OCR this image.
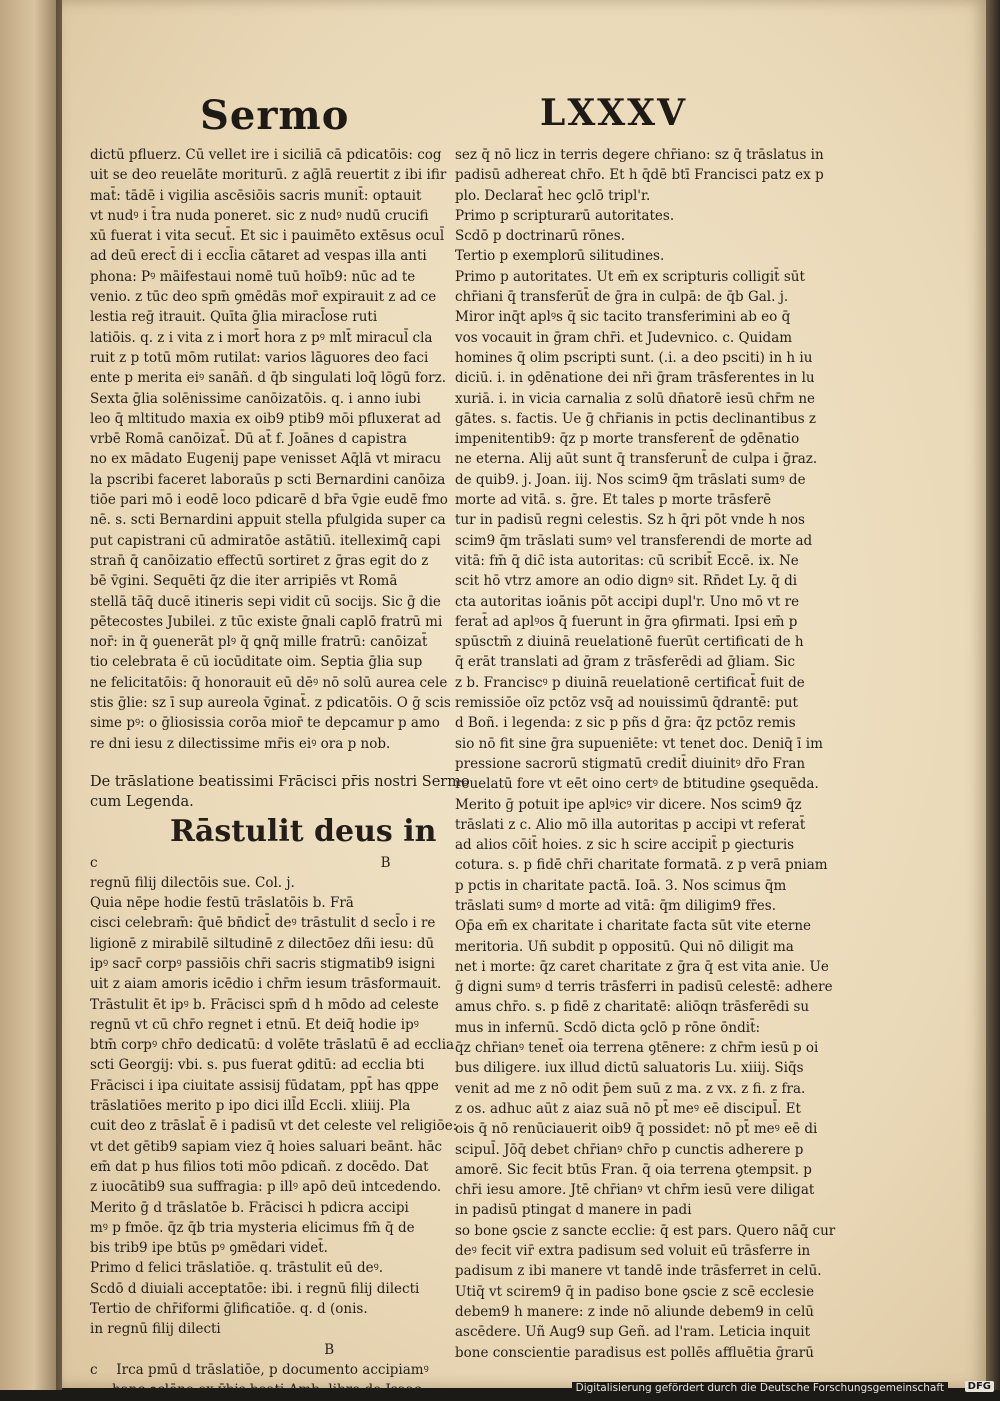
Sermo	LXXXV

dictū pfluerz. Cū vellet ire i siciliā cā pdicatōis: cog

uit se deo reuelāte moriturū. z aḡlā reuertit z ibi ifir

mat̄: tādē i vigilia ascēsiōis sacris munit̄: optauit

vt nudꝰ i t̄ra nuda poneret. sic z nudꝰ nudū crucifi

xū fuerat i vita secut̄. Et sic i pauimēto extēsus ocul̄

ad deū erect̄ di i eccl̄ia cātaret ad vespas illa anti

phona: Pꝰ māifestaui nomē tuū hoīb9: nūc ad te

venio. z tūc deo spm̄ ꝯmēdās mor̄ expirauit z ad ce

lestia reḡ itrauit. Quīta ḡlia miracl̄ose ruti

latiōis. q. z i vita z i mort̄ hora z pꝰ mlt̄ miracul̄ cla

ruit z p totū mōm rutilat: varios lāguores deo faci

ente p merita eiꝰ sanāñ. d q̄b singulati loq̄ lōgū forz.

Sexta ḡlia solēnissime canōizatōis. q. i anno iubi

leo q̄ mltitudo maxia ex oib9 ptib9 mōi pfluxerat ad

vrbē Romā canōizat̄. Dū at̄ f. Joānes d capistra

no ex mādato Eugenij pape venisset Aq̄lā vt miracu

la pscribi faceret laboraūs p scti Bernardini canōiza

tiōe pari mō i eodē loco pdicarē d br̄a v̄gie eudē fmo

nē. s. scti Bernardini appuit stella pfulgida super ca

put capistrani cū admiratōe astātiū. itelleximq̄ capi

stran̄ q̄ canōizatio effectū sortiret z ḡras egit do z

bē v̄gini. Sequēti q̄z die iter arripiēs vt Romā

stellā tāq̄ ducē itineris sepi vidit cū socijs. Sic ḡ die

pētecostes Jubilei. z tūc existe ḡnali caplō fratrū mi

nor̄: in q̄ ꝯuenerāt plꝰ q̄ ꝗnq̄ mille fratrū: canōizat̄

tio celebrata ē cū iocūditate oim. Septia ḡlia sup

ne felicitatōis: q̄ honorauit eū dēꝰ nō solū aurea cele

stis ḡlie: sz ī sup aureola v̄ginat̄. z pdicatōis. O ḡ scis

sime pꝰ: o ḡliosissia corōa mior̄ te depcamur p amo

re dni iesu z dilectissime mr̄is eiꝰ ora p nob.

De trāslatione beatissimi Frācisci pr̄is nostri Sermo

cum Legenda.

Rāstulit deus in

c	B

regnū filij dilectōis sue. Col. j.

Quia nēpe hodie festū trāslatōis b. Frā

cisci celebram̄: q̄uē bn̄dict̄ deꝰ trāstulit d secl̄o i re

ligionē z mirabilē siltudinē z dilectōez dñi iesu: dū

ipꝰ sacr̄ corpꝰ passiōis chr̄i sacris stigmatib9 isigni

uit z aiam amoris icēdio i chr̄m iesum trāsformauit.

Trāstulit ēt ipꝰ b. Frācisci spm̄ d h mōdo ad celeste

regnū vt cū chr̄o regnet i etnū. Et deiq̄ hodie ipꝰ

btm̄ corpꝰ chr̄o dedicatū: d volēte trāslatū ē ad ecclia

scti Georgij: vbi. s. pus fuerat ꝯditū: ad ecclia bti

Frācisci i ipa ciuitate assisij fūdatam, ppt̄ has qppe

trāslatiōes merito p ipo dici ill̄d Eccli. xliiij. Pla

cuit deo z trāslat̄ ē i padisū vt det celeste vel religiōe:

vt det gētib9 sapiam viez q̄ hoies saluari beānt. hāc

em̄ dat p hus filios toti mōo pdicañ. z docēdo. Dat

z iuocātib9 sua suffragia: p illꝰ apō deū intcedendo.

Merito ḡ d trāslatōe b. Frācisci h pdicra accipi

mꝰ p fmōe. q̄z q̄b tria mysteria elicimus fm̄ q̄ de

bis trib9 ipe btūs pꝰ ꝯmēdari videt̄.

Primo d felici trāslatiōe. q. trāstulit eū deꝰ.

Scdō d diuiali acceptatōe: ibi. i regnū filij dilecti

Tertio de chr̄iformi ḡlificatiōe. q. d (onis.

in regnū filij dilecti

B

c Irca pmū d trāslatiōe, p documento accipiamꝰ

sez q̄ nō licz in terris degere chr̄iano: sz q̄ trāslatus in

padisū adhereat chr̄o. Et h q̄dē btī Francisci patz ex p

plo. Declarat̄ hec ꝯclō tripl'r.

Primo p scripturarū autoritates.

Scdō p doctrinarū rōnes.

Tertio p exemplorū silitudines.

Primo p autoritates. Ut em̄ ex scripturis colligit̄ sūt

chr̄iani q̄ transferūt̄ de ḡra in culpā: de q̄b Gal. j.

Miror inq̄t aplꝰs q̄ sic tacito transferimini ab eo q̄

vos vocauit in ḡram chr̄i. et Judevnico. c. Quidam

homines q̄ olim pscripti sunt. (.i. a deo psciti) in h iu

diciū. i. in ꝯdēnatione dei nr̄i ḡram trāsferentes in lu

xuriā. i. in vicia carnalia z solū dn̄atorē iesū chr̄m ne

gātes. s. factis. Ue ḡ chr̄ianis in pctis declinantibus z

impenitentib9: q̄z p morte transferent̄ de ꝯdēnatio

ne eterna. Alij aūt sunt q̄ transferunt̄ de culpa i ḡraz.

de quib9. j. Joan. iij. Nos scim9 q̄m trāslati sumꝰ de

morte ad vitā. s. ḡre. Et tales p morte trāsferē

tur in padisū regni celestis. Sz h q̄ri pōt vnde h nos

scim9 q̄m trāslati sumꝰ vel transferendi de morte ad

vitā: fm̄ q̄ dic̄ ista autoritas: cū scribit̄ Eccē. ix. Ne

scit hō vtrz amore an odio dignꝰ sit. Rn̄det Ly. q̄ di

cta autoritas ioānis pōt accipi dupl'r. Uno mō vt re

ferat̄ ad aplꝰos q̄ fuerunt in ḡra ꝯfirmati. Ipsi em̄ p

spūsctm̄ z diuinā reuelationē fuerūt certificati de h

q̄ erāt translati ad ḡram z trāsferēdi ad ḡliam. Sic

z b. Franciscꝰ p diuinā reuelationē certificat̄ fuit de

remissiōe oīz pctōz vsq̄ ad nouissimū q̄drantē: put

d Boñ. i legenda: z sic p pñs d ḡra: q̄z pctōz remis

sio nō fit sine ḡra supueniēte: vt tenet doc. Deniq̄ ī im

pressione sacrorū stigmatū credit̄ diuinitꝰ dr̄o Fran

reuelatū fore vt eēt oino certꝰ de btitudine ꝯsequēda.

Merito ḡ potuit ipe aplꝰicꝰ vir dicere. Nos scim9 q̄z

trāslati z c. Alio mō illa autoritas p accipi vt referat̄

ad alios cōit̄ hoies. z sic h scire accipit̄ p ꝯiecturis

cotura. s. p fidē chr̄i charitate formatā. z p verā pniam

p pctis in charitate pactā. Ioā. 3. Nos scimus q̄m

trāslati sumꝰ d morte ad vitā: q̄m diligim9 fr̄es.

Op̄a em̄ ex charitate i charitate facta sūt vite eterne

meritoria. Uñ subdit p oppositū. Qui nō diligit ma

net i morte: q̄z caret charitate z ḡra q̄ est vita anie. Ue

ḡ digni sumꝰ d terris trāsferri in padisū celestē: adhere

amus chr̄o. s. p fidē z charitatē: aliōqn trāsferēdi su

mus in infernū. Scdō dicta ꝯclō p rōne ōndit̄:

q̄z chr̄ianꝰ tenet̄ oia terrena ꝯtēnere: z chr̄m iesū p oi

bus diligere. iux illud dictū saluatoris Lu. xiiij. Siq̄s

venit ad me z nō odit p̄em suū z ma. z vx. z fi. z fra.

z os. adhuc aūt z aiaz suā nō pt̄ meꝰ eē discipul̄. Et

ois q̄ nō renūciauerit oib9 q̄ possidet: nō pt̄ meꝰ eē di

scipul̄. Jōq̄ debet chr̄ianꝰ chr̄o p cunctis adherere p

amorē. Sic fecit btūs Fran. q̄ oia terrena ꝯtempsit. p

chr̄i iesu amore. Jtē chr̄ianꝰ vt chr̄m iesū vere diligat

in padisū ptingat d manere in padi

so bone ꝯscie z sancte ecclie: q̄ est pars. Quero nāq̄ cur

deꝰ fecit vir̄ extra padisum sed voluit eū trāsferre in

padisum z ibi manere vt tandē inde trāsferret in celū.

Utiq̄ vt scirem9 q̄ in padiso bone ꝯscie z scē ecclesie

debem9 h manere: z inde nō aliunde debem9 in celū

ascēdere. Uñ Aug9 sup Geñ. ad l'ram. Leticia inquit

bone conscientie paradisus est pollēs affluētia ḡrarū

Digitalisierung gefördert durch die Deutsche Forschungsgemeinschaft	DFG
